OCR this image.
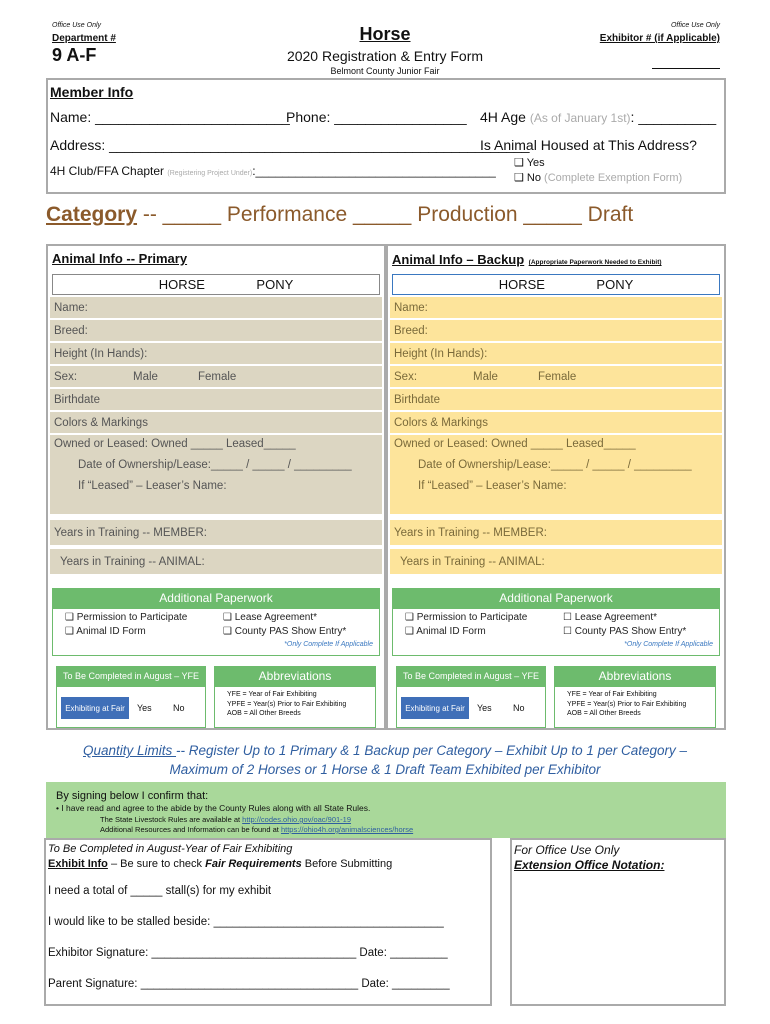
Office Use Only
Department #
9 A-F
Horse
2020 Registration & Entry Form
Belmont County Junior Fair
Office Use Only
Exhibitor # (if Applicable)
Member Info
Name: _________________________
Phone: _________________ 4H Age (As of January 1st): __________
Address: ______________________________________________________
Is Animal Housed at This Address?
4H Club/FFA Chapter (Registering Project Under):____________________________________
❑ Yes
❑ No (Complete Exemption Form)
Category -- _____ Performance _____ Production _____ Draft
Animal Info -- Primary
HORSE	PONY
Name:
Breed:
Height (In Hands):
Sex:	Male	Female
Birthdate
Colors & Markings
Owned or Leased: Owned _____ Leased_____
Date of Ownership/Lease:_____ / _____ / _________
If “Leased” – Leaser’s Name:
Years in Training -- MEMBER:
Years in Training -- ANIMAL:
Additional Paperwork
❑ Permission to Participate
❑ Animal ID Form
❑ Lease Agreement*
❑ County PAS Show Entry*
*Only Complete If Applicable
To Be Completed in August – YFE	Abbreviations
Exhibiting at Fair	Yes No
YFE = Year of Fair Exhibiting
YPFE = Year(s) Prior to Fair Exhibiting
AOB = All Other Breeds
Animal Info – Backup (Appropriate Paperwork Needed to Exhibit)
HORSE	PONY
Name:
Breed:
Height (In Hands):
Sex:	Male	Female
Birthdate
Colors & Markings
Owned or Leased: Owned _____ Leased_____
Date of Ownership/Lease:_____ / _____ / _________
If “Leased” – Leaser’s Name:
Years in Training -- MEMBER:
Years in Training -- ANIMAL:
Additional Paperwork
❑ Permission to Participate
❑ Animal ID Form
☐ Lease Agreement*
☐ County PAS Show Entry*
*Only Complete If Applicable
To Be Completed in August – YFE	Abbreviations
Exhibiting at Fair	Yes No
YFE = Year of Fair Exhibiting
YPFE = Year(s) Prior to Fair Exhibiting
AOB = All Other Breeds
Quantity Limits -- Register Up to 1 Primary & 1 Backup per Category – Exhibit Up to 1 per Category –
Maximum of 2 Horses or 1 Horse & 1 Draft Team Exhibited per Exhibitor
By signing below I confirm that:
• I have read and agree to the abide by the County Rules along with all State Rules.
The State Livestock Rules are available at http://codes.ohio.gov/oac/901-19
Additional Resources and Information can be found at https://ohio4h.org/animalsciences/horse
To Be Completed in August-Year of Fair Exhibiting
Exhibit Info – Be sure to check Fair Requirements Before Submitting
I need a total of _____ stall(s) for my exhibit
I would like to be stalled beside: ____________________________________
Exhibitor Signature: ________________________________ Date: _________
Parent Signature: __________________________________ Date: _________
For Office Use Only
Extension Office Notation:
